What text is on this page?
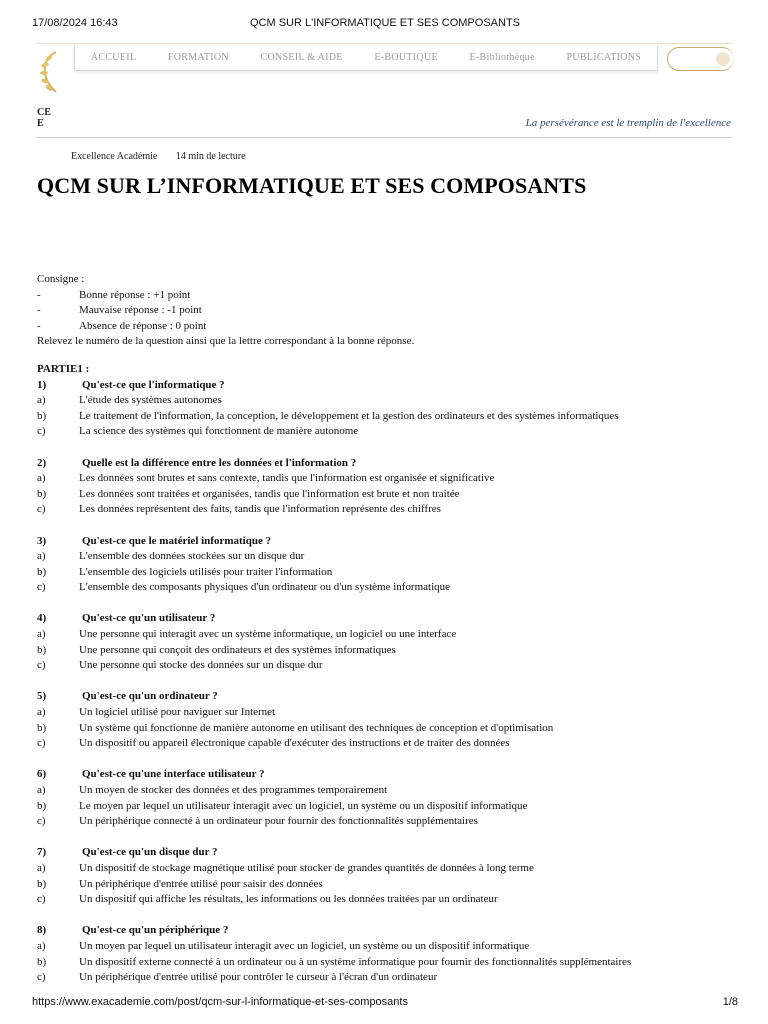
17/08/2024 16:43	QCM SUR L'INFORMATIQUE ET SES COMPOSANTS
ACCUEIL	FORMATION	CONSEIL & AIDE	E-BOUTIQUE	E-Bibliothèque	PUBLICATIONS
CE
E	La persévérance est le tremplin de l'excellence
Excellence Académie 14 min de lecture
QCM SUR L’INFORMATIQUE ET SES COMPOSANTS
Consigne :
-	Bonne réponse : +1 point
-	Mauvaise réponse : -1 point
-	Absence de réponse : 0 point
Relevez le numéro de la question ainsi que la lettre correspondant à la bonne réponse.
PARTIE1 :
1)	Qu'est-ce que l'informatique ?
a)	L'étude des systèmes autonomes
b)	Le traitement de l'information, la conception, le développement et la gestion des ordinateurs et des systèmes informatiques
c)	La science des systèmes qui fonctionnent de manière autonome
2)	Quelle est la différence entre les données et l'information ?
a)	Les données sont brutes et sans contexte, tandis que l'information est organisée et significative
b)	Les données sont traitées et organisées, tandis que l'information est brute et non traitée
c)	Les données représentent des faits, tandis que l'information représente des chiffres
3)	Qu'est-ce que le matériel informatique ?
a)	L'ensemble des données stockées sur un disque dur
b)	L'ensemble des logiciels utilisés pour traiter l'information
c)	L'ensemble des composants physiques d'un ordinateur ou d'un système informatique
4)	Qu'est-ce qu'un utilisateur ?
a)	Une personne qui interagit avec un système informatique, un logiciel ou une interface
b)	Une personne qui conçoit des ordinateurs et des systèmes informatiques
c)	Une personne qui stocke des données sur un disque dur
5)	Qu'est-ce qu'un ordinateur ?
a)	Un logiciel utilisé pour naviguer sur Internet
b)	Un système qui fonctionne de manière autonome en utilisant des techniques de conception et d'optimisation
c)	Un dispositif ou appareil électronique capable d'exécuter des instructions et de traiter des données
6)	Qu'est-ce qu'une interface utilisateur ?
a)	Un moyen de stocker des données et des programmes temporairement
b)	Le moyen par lequel un utilisateur interagit avec un logiciel, un système ou un dispositif informatique
c)	Un périphérique connecté à un ordinateur pour fournir des fonctionnalités supplémentaires
7)	Qu'est-ce qu'un disque dur ?
a)	Un dispositif de stockage magnétique utilisé pour stocker de grandes quantités de données à long terme
b)	Un périphérique d'entrée utilisé pour saisir des données
c)	Un dispositif qui affiche les résultats, les informations ou les données traitées par un ordinateur
8)	Qu'est-ce qu'un périphérique ?
a)	Un moyen par lequel un utilisateur interagit avec un logiciel, un système ou un dispositif informatique
b)	Un dispositif externe connecté à un ordinateur ou à un système informatique pour fournir des fonctionnalités supplémentaires
c)	Un périphérique d'entrée utilisé pour contrôler le curseur à l'écran d'un ordinateur
https://www.exacademie.com/post/qcm-sur-l-informatique-et-ses-composants	1/8
